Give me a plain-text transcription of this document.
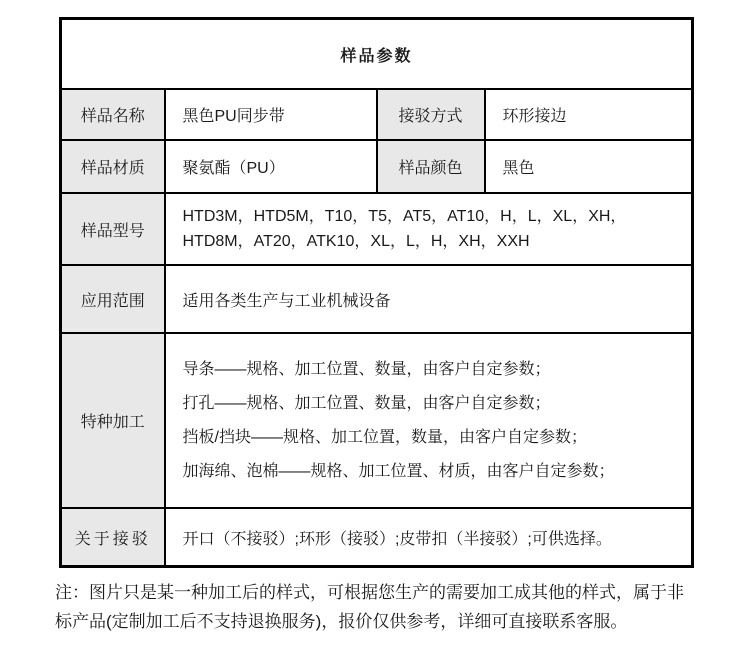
样品参数			
样品名称	黑色PU同步带	接驳方式	环形接边
样品材质	聚氨酯（PU）	样品颜色	黑色
样品型号	HTD3M，HTD5M，T10，T5，AT5，AT10，H，L，XL，XH，
HTD8M，AT20，ATK10，XL，L，H，XH，XXH		

应用范围	适用各类生产与工业机械设备		
特种加工	导条——规格、加工位置、数量，由客户自定参数；
打孔——规格、加工位置、数量，由客户自定参数；
挡板/挡块——规格、加工位置，数量，由客户自定参数；
加海绵、泡棉——规格、加工位置、材质，由客户自定参数；		

关于接驳	开口（不接驳）;环形（接驳）;皮带扣（半接驳）;可供选择。		

注：图片只是某一种加工后的样式，可根据您生产的需要加工成其他的样式，属于非标产品(定制加工后不支持退换服务)，报价仅供参考，详细可直接联系客服。
